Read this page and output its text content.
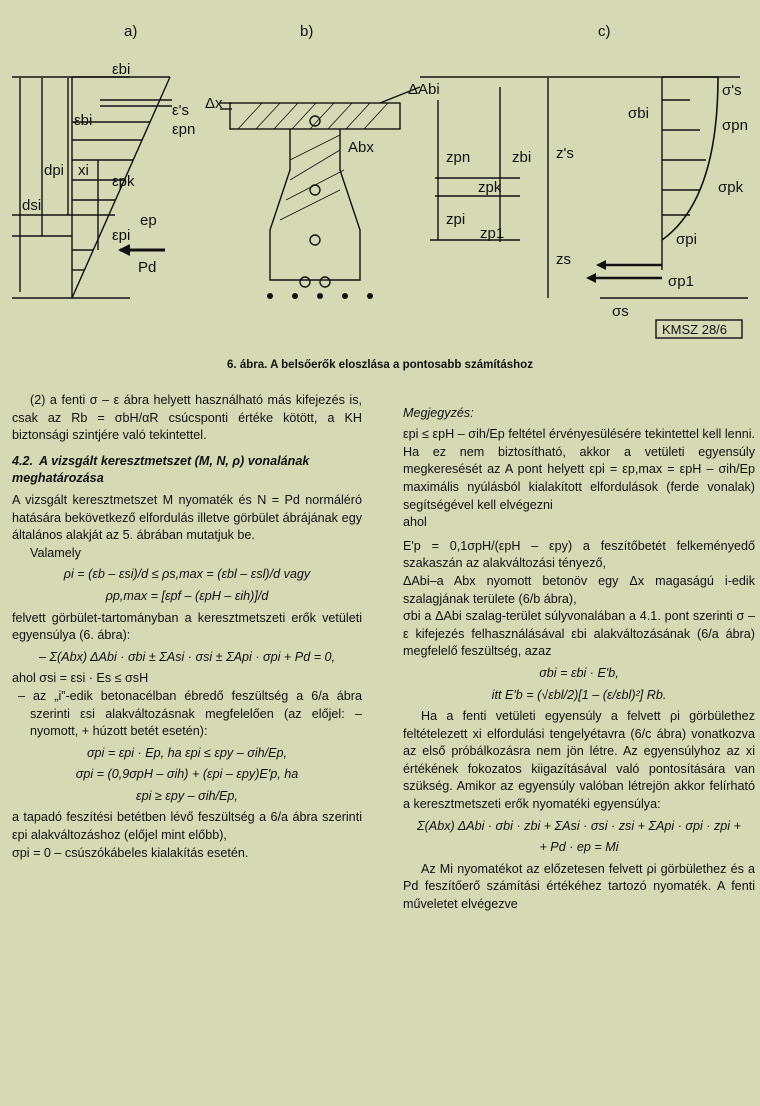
a)	b)	c)
εbi
ε's
εpn
εbi
dpi xi
dsi
εpk
ep
εpi
Pd
Δx
ΔAbi
Abx
zpn	zbi z's
zpk
zpi
zp1
zs
σbi
σ's
σpn
σpk
σpi
σp1
σs
KMSZ 28/6
6. ábra. A belsőerők eloszlása a pontosabb számításhoz

(2) a fenti σ – ε ábra helyett használható más kifejezés is, csak az Rb = σbH/αR csúcsponti értéke kötött, a KH biztonsági szintjére való tekintettel.

4.2. A vizsgált keresztmetszet (M, N, ρ) vonalának meghatározása

A vizsgált keresztmetszet M nyomaték és N = Pd normáléró hatására bekövetkező elfordulás illetve görbület ábrájának egy általános alakját az 5. ábrában mutatjuk be.

Valamely

ρi = (εb – εsi)/d ≤ ρs,max = (εbl – εsl)/d vagy

ρp,max = [εpf – (εpH – εih)]/d

felvett görbület-tartományban a keresztmetszeti erők vetületi egyensúlya (6. ábra):

– Σ(Abx) ΔAbi · σbi ± ΣAsi · σsi ± ΣApi · σpi + Pd = 0,

ahol σsi = εsi · Es ≤ σsH

– az „i”-edik betonacélban ébredő feszültség a 6/a ábra szerinti εsi alakváltozásnak megfelelően (az előjel: – nyomott, + húzott betét esetén):

σpi = εpi · Ep, ha εpi ≤ εpy – σih/Ep,

σpi = (0,9σpH – σih) + (εpi – εpy)E'p, ha

εpi ≥ εpy – σih/Ep,

a tapadó feszítési betétben lévő feszültség a 6/a ábra szerinti εpi alakváltozáshoz (előjel mint előbb),

σpi = 0 – csúszókábeles kialakítás esetén.

Megjegyzés:

εpi ≤ εpH – σih/Ep feltétel érvényesülésére tekintettel kell lenni. Ha ez nem biztosítható, akkor a vetületi egyensúly megkeresését az A pont helyett εpi = εp,max = εpH – σih/Ep maximális nyúlásból kialakított elfordulások (ferde vonalak) segítségével kell elvégezni

ahol

E'p = 0,1σpH/(εpH – εpy) a feszítőbetét felkeményedő szakaszán az alakváltozási tényező,

ΔAbi–a Abx nyomott betonöv egy Δx magaságú i-edik szalagjának területe (6/b ábra),

σbi a ΔAbi szalag-terület súlyvonalában a 4.1. pont szerinti σ – ε kifejezés felhasználásával εbi alakváltozásának (6/a ábra) megfelelő feszültség, azaz

σbi = εbi · E'b,

itt E'b = (√εbl/2)[1 – (ε/εbl)²] Rb.

Ha a fenti vetületi egyensúly a felvett ρi görbülethez feltételezett xi elfordulási tengelyétavra (6/c ábra) vonatkozva az első próbálkozásra nem jön létre. Az egyensúlyhoz az xi értékének fokozatos kiigazításával való pontosítására van szükség. Amikor az egyensúly valóban létrejön akkor felírható a keresztmetszeti erők nyomatéki egyensúlya:

Σ(Abx) ΔAbi · σbi · zbi + ΣAsi · σsi · zsi + ΣApi · σpi · zpi +

+ Pd · ep = Mi

Az Mi nyomatékot az előzetesen felvett ρi görbülethez és a Pd feszítőerő számítási értékéhez tartozó nyomaték. A fenti műveletet elvégezve
